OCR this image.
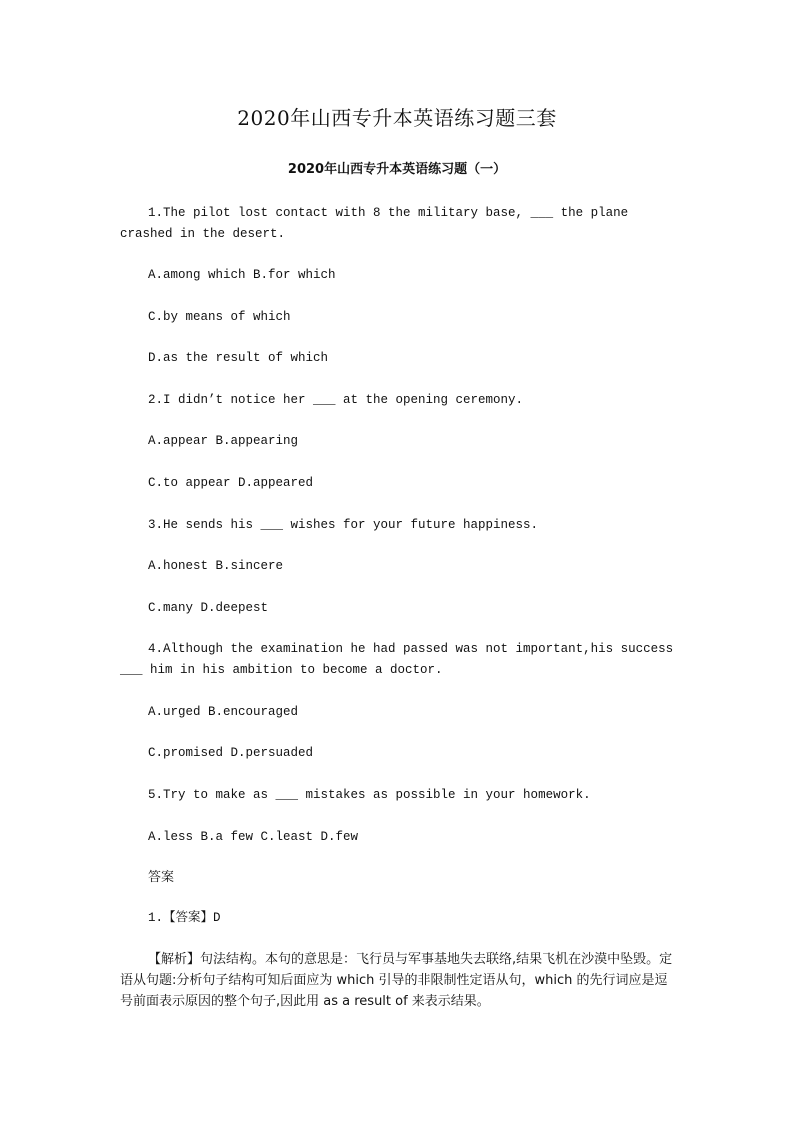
2020年山西专升本英语练习题三套
2020年山西专升本英语练习题（一）
1.The pilot lost contact with 8 the military base, ___ the plane crashed in the desert.
A.among which B.for which
C.by means of which
D.as the result of which
2.I didn’t notice her ___ at the opening ceremony.
A.appear B.appearing
C.to appear D.appeared
3.He sends his ___ wishes for your future happiness.
A.honest B.sincere
C.many D.deepest
4.Although the examination he had passed was not important,his success ___ him in his ambition to become a doctor.
A.urged B.encouraged
C.promised D.persuaded
5.Try to make as ___ mistakes as possible in your homework.
A.less B.a few C.least D.few
答案
1.【答案】D
【解析】句法结构。本句的意思是：飞行员与军事基地失去联络,结果飞机在沙漠中坠毁。定语从句题:分析句子结构可知后面应为 which 引导的非限制性定语从句，which 的先行词应是逗号前面表示原因的整个句子,因此用 as a result of 来表示结果。
